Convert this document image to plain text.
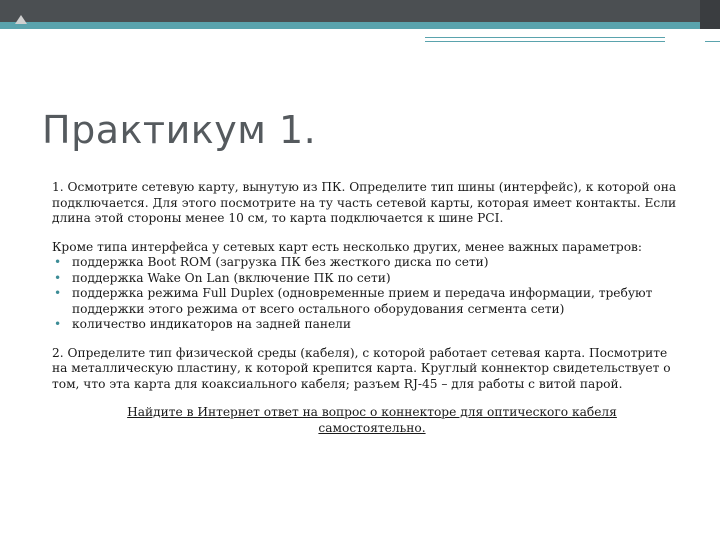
Практикум 1.

1. Осмотрите сетевую карту, вынутую из ПК. Определите тип шины (интерфейс), к которой она подключается. Для этого посмотрите на ту часть сетевой карты, которая имеет контакты. Если длина этой стороны менее 10 см, то карта подключается к шине PCI.

Кроме типа интерфейса у сетевых карт есть несколько других, менее важных параметров:

• поддержка Boot ROM (загрузка ПК без жесткого диска по сети)
• поддержка Wake On Lan (включение ПК по сети)
• поддержка режима Full Duplex (одновременные прием и передача информации, требуют поддержки этого режима от всего остального оборудования сегмента сети)
• количество индикаторов на задней панели

2. Определите тип физической среды (кабеля), с которой работает сетевая карта. Посмотрите на металлическую пластину, к которой крепится карта. Круглый коннектор свидетельствует о том, что эта карта для коаксиального кабеля; разъем RJ-45 – для работы с витой парой.

Найдите в Интернет ответ на вопрос о коннекторе для оптического кабеля самостоятельно.
